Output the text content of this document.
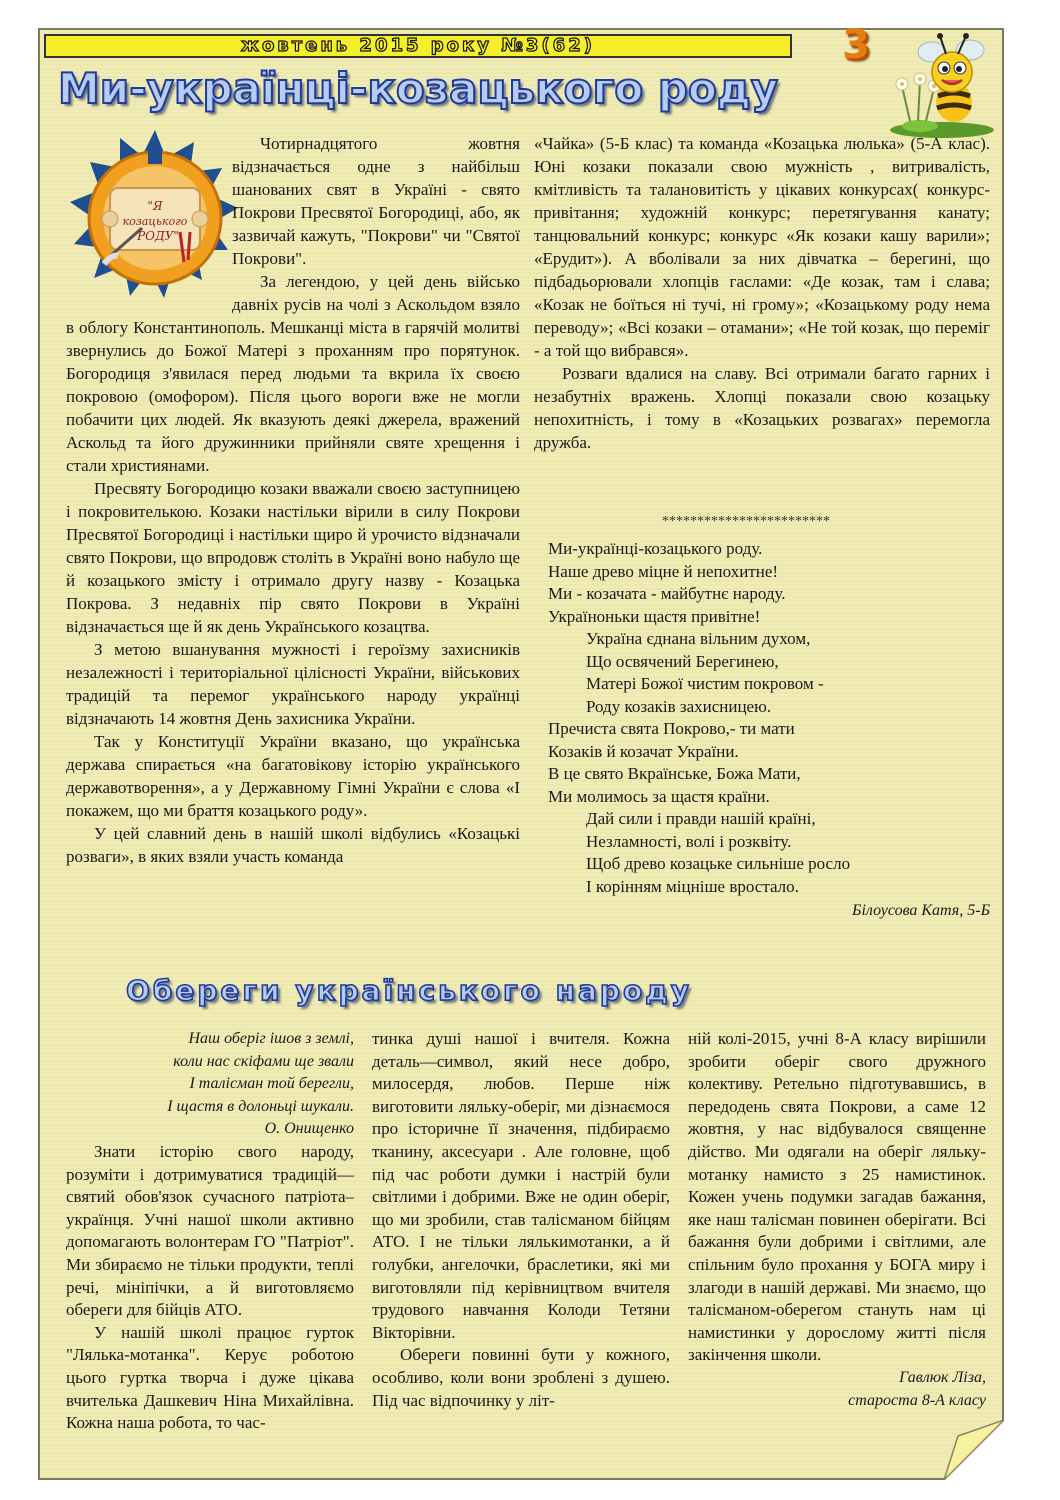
жовтень 2015 року №3(62)	3
Ми-українці-козацького роду
"Я
козацького
РОДУ"

Чотирнадцятого жовтня відзначається одне з найбільш шанованих свят в Україні - свято Покрови Пресвятої Богородиці, або, як зазвичай кажуть, "Покрови" чи "Святої Покрови".

За легендою, у цей день військо давніх русів на чолі з Аскольдом взяло в облогу Константинополь. Мешканці міста в гарячій молитві звернулись до Божої Матері з проханням про порятунок. Богородиця з'явилася перед людьми та вкрила їх своєю покровою (омофором). Після цього вороги вже не могли побачити цих людей. Як вказують деякі джерела, вражений Аскольд та його дружинники прийняли святе хрещення і стали християнами.

Пресвяту Богородицю козаки вважали своєю заступницею і покровителькою. Козаки настільки вірили в силу Покрови Пресвятої Богородиці і настільки щиро й урочисто відзначали свято Покрови, що впродовж століть в Україні воно набуло ще й козацького змісту і отримало другу назву - Козацька Покрова. З недавніх пір свято Покрови в Україні відзначається ще й як день Українського козацтва.

З метою вшанування мужності і героїзму захисників незалежності і територіальної цілісності України, військових традицій та перемог українського народу українці відзначають 14 жовтня День захисника України.

Так у Конституції України вказано, що українська держава спирається «на багатовікову історію українського державотворення», а у Державному Гімні України є слова «І покажем, що ми браття козацького роду».

У цей славний день в нашій школі відбулись «Козацькі розваги», в яких взяли участь команда

«Чайка» (5-Б клас) та команда «Козацька люлька» (5-А клас). Юні козаки показали свою мужність , витривалість, кмітливість та талановитість у цікавих конкурсах( конкурс-привітання; художній конкурс; перетягування канату; танцювальний конкурс; конкурс «Як козаки кашу варили»; «Ерудит»). А вболівали за них дівчатка – берегині, що підбадьорювали хлопців гаслами: «Де козак, там і слава; «Козак не боїться ні тучі, ні грому»; «Козацькому роду нема переводу»; «Всі козаки – отамани»; «Не той козак, що переміг - а той що вибрався».

Розваги вдалися на славу. Всі отримали багато гарних і незабутніх вражень. Хлопці показали свою козацьку непохитність, і тому в «Козацьких розвагах» перемогла дружба.

************************
Ми-українці-козацького роду.
Наше древо міцне й непохитне!
Ми - козачата - майбутнє народу.
Україноньки щастя привітне!
Україна єднана вільним духом,
Що освячений Берегинею,
Матері Божої чистим покровом -
Роду козаків захисницею.
Пречиста свята Покрово,- ти мати
Козаків й козачат України.
В це свято Вкраїнське, Божа Мати,
Ми молимось за щастя країни.
Дай сили і правди нашій країні,
Незламності, волі і розквіту.
Щоб древо козацьке сильніше росло
І корінням міцніше вростало.
Білоусова Катя, 5-Б
Обереги українського народу
Наш оберіг ішов з землі,
коли нас скіфами ще звали
І талісман той берегли,
І щастя в долоньці шукали.
О. Онищенко

Знати історію свого народу, розуміти і дотримуватися традицій—святий обов'язок сучасного патріота–українця. Учні нашої школи активно допомагають волонтерам ГО "Патріот". Ми збираємо не тільки продукти, теплі речі, мініпічки, а й виготовляємо обереги для бійців АТО.

У нашій школі працює гурток "Лялька-мотанка". Керує роботою цього гуртка творча і дуже цікава вчителька Дашкевич Ніна Михайлівна. Кожна наша робота, то час-

тинка душі нашої і вчителя. Кожна деталь—символ, який несе добро, милосердя, любов. Перше ніж виготовити ляльку-оберіг, ми дізнаємося про історичне її значення, підбираємо тканину, аксесуари . Але головне, щоб під час роботи думки і настрій були світлими і добрими. Вже не один оберіг, що ми зробили, став талісманом бійцям АТО. І не тільки лялькимотанки, а й голубки, ангелочки, браслетики, які ми виготовляли під керівництвом вчителя трудового навчання Колоди Тетяни Вікторівни.

Обереги повинні бути у кожного, особливо, коли вони зроблені з душею. Під час відпочинку у літ-

ній колі-2015, учні 8-А класу вирішили зробити оберіг свого дружного колективу. Ретельно підготувавшись, в передодень свята Покрови, а саме 12 жовтня, у нас відбувалося священне дійство. Ми одягали на оберіг ляльку-мотанку намисто з 25 намистинок. Кожен учень подумки загадав бажання, яке наш талісман повинен оберігати. Всі бажання були добрими і світлими, але спільним було прохання у БОГА миру і злагоди в нашій державі. Ми знаємо, що талісманом-оберегом стануть нам ці намистинки у дорослому житті після закінчення школи.

Гавлюк Ліза,
староста 8-А класу
